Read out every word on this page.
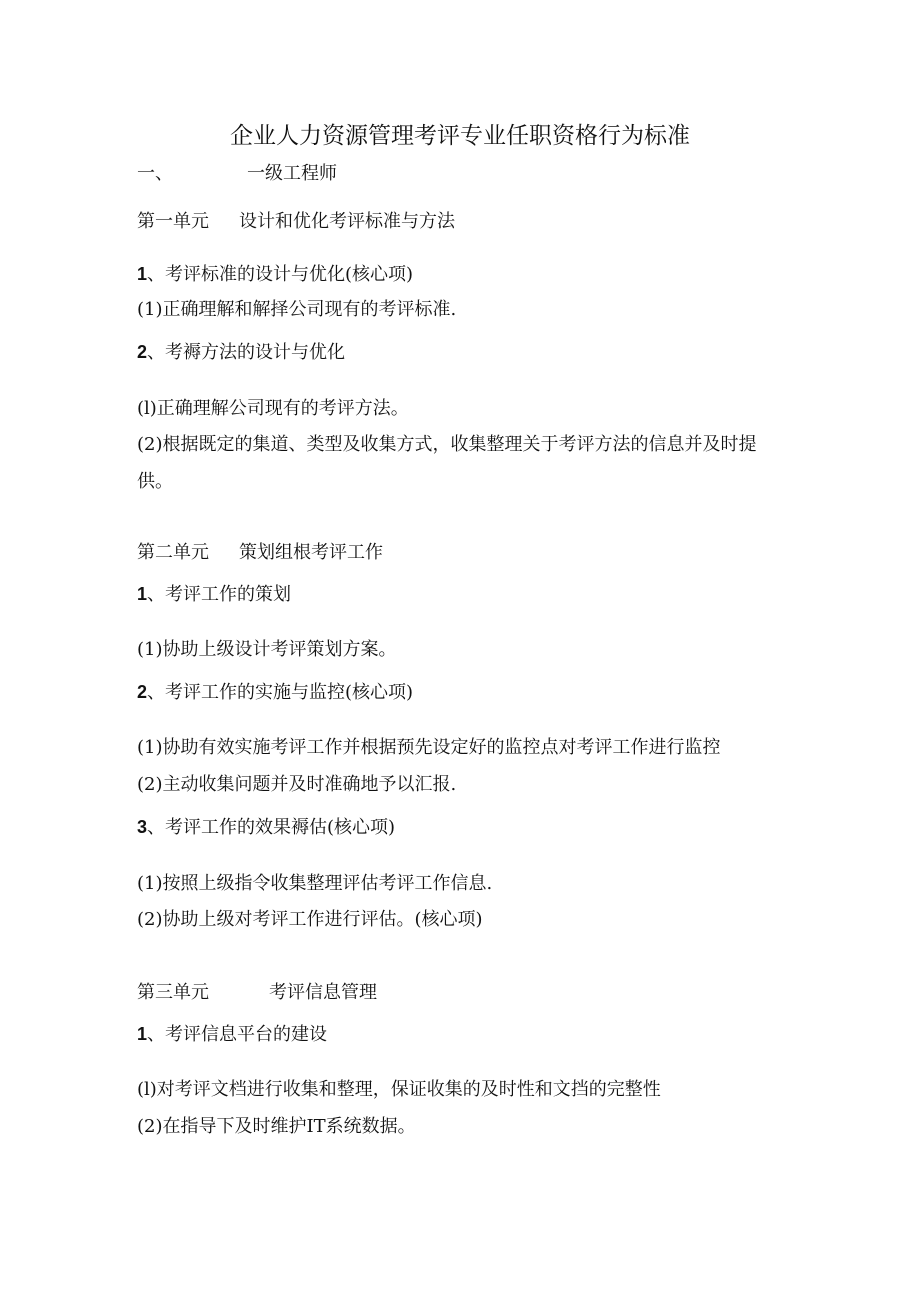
企业人力资源管理考评专业任职资格行为标准
一、	一级工程师
第一单元 设计和优化考评标准与方法
1、考评标准的设计与优化(核心项)
(1)正确理解和解择公司现有的考评标准.
2、考褥方法的设计与优化
(l)正确理解公司现有的考评方法。
(2)根据既定的集道、类型及收集方式，收集整理关于考评方法的信息并及时提
供。
第二单元 策划组根考评工作
1、考评工作的策划
(1)协助上级设计考评策划方案。
2、考评工作的实施与监控(核心项)
(1)协助有效实施考评工作并根据预先设定好的监控点对考评工作进行监控
(2)主动收集问题并及时准确地予以汇报.
3、考评工作的效果褥估(核心项)
(1)按照上级指令收集整理评估考评工作信息.
(2)协助上级对考评工作进行评估。(核心项)
第三单元	考评信息管理
1、考评信息平台的建设
(l)对考评文档进行收集和整理，保证收集的及时性和文挡的完整性
(2)在指导下及时维护IT系统数据。
